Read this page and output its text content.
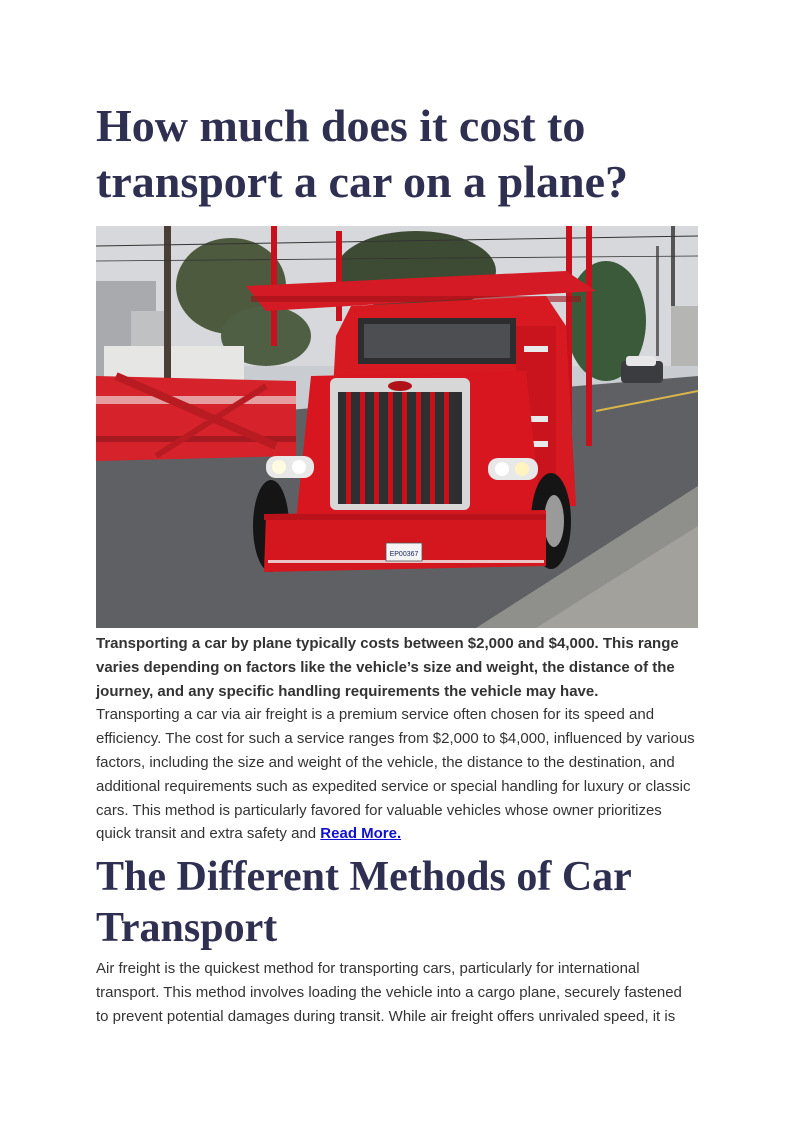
How much does it cost to transport a car on a plane?
EP00367

Transporting a car by plane typically costs between $2,000 and $4,000. This range varies depending on factors like the vehicle’s size and weight, the distance of the journey, and any specific handling requirements the vehicle may have.

Transporting a car via air freight is a premium service often chosen for its speed and efficiency. The cost for such a service ranges from $2,000 to $4,000, influenced by various factors, including the size and weight of the vehicle, the distance to the destination, and additional requirements such as expedited service or special handling for luxury or classic cars. This method is particularly favored for valuable vehicles whose owner prioritizes quick transit and extra safety and Read More.

The Different Methods of Car Transport

Air freight is the quickest method for transporting cars, particularly for international transport. This method involves loading the vehicle into a cargo plane, securely fastened to prevent potential damages during transit. While air freight offers unrivaled speed, it is
